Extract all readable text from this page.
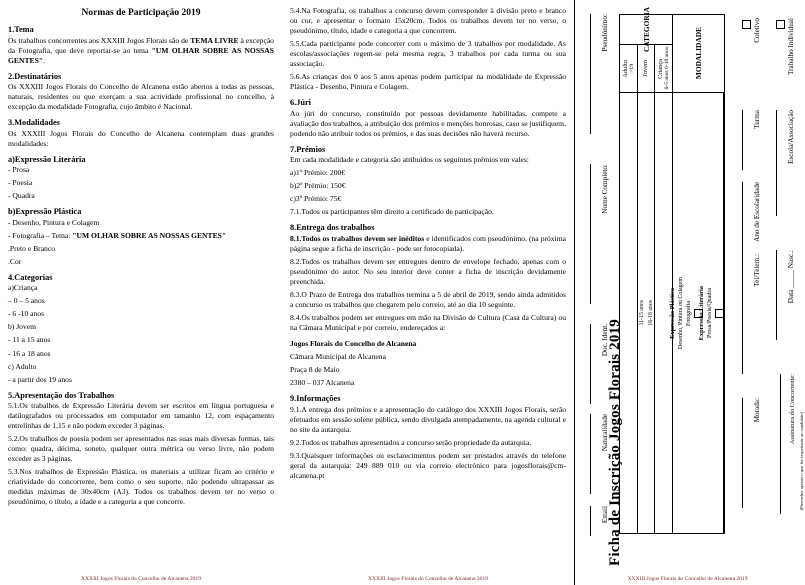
Normas de Participação 2019
1.Tema

Os trabalhos concorrentes aos XXXIII Jogos Florais são de TEMA LIVRE à excepção da Fotografia, que deve reportar-se ao tema "UM OLHAR SOBRE AS NOSSAS GENTES".

2.Destinatários

Os XXXIII Jogos Florais do Concelho de Alcanena estão abertos a todas as pessoas, naturais, residentes ou que exerçam a sua actividade profissional no concelho, à excepção da modalidade Fotografia, cujo âmbito é Nacional.

3.Modalidades

Os XXXIII Jogos Florais do Concelho de Alcanena contemplam duas grandes modalidades:

a)Expressão Literária

- Prosa

- Poesia

- Quadra

b)Expressão Plástica

- Desenho, Pintura e Colagem

- Fotografia – Tema: "UM OLHAR SOBRE AS NOSSAS GENTES"

.Preto e Branco

.Cor

4.Categorias

a)Criança

– 0 – 5 anos

- 6 -10 anos

b) Jovem

- 11 a 15 anos

- 16 a 18 anos

c) Adulto

- a partir dos 19 anos

5.Apresentação dos Trabalhos

5.1.Os trabalhos de Expressão Literária devem ser escritos em língua portuguesa e datilografados ou processados em computador em tamanho 12, com espaçamento entrelinhas de 1,15 e não podem exceder 3 páginas.

5.2.Os trabalhos de poesia podem ser apresentados nas suas mais diversas formas, tais como: quadra, décima, soneto, qualquer outra métrica ou verso livre, não podem exceder as 3 páginas.

5.3.Nos trabalhos de Expressão Plástica, os materiais a utilizar ficam ao critério e criatividade do concorrente, bem como o seu suporte, não podendo ultrapassar as medidas máximas de 30x40cm (A3). Todos os trabalhos devem ter no verso o pseudónimo, o título, a idade e a categoria a que concorre.

XXXIII Jogos Florais do Concelho de Alcanena 2019

5.4.Na Fotografia, os trabalhos a concurso devem corresponder à divisão preto e branco ou cor, e apresentar o formato 15x20cm. Todos os trabalhos devem ter no verso, o pseudónimo, título, idade e categoria a que concorrem.

5.5.Cada participante pode concorrer com o máximo de 3 trabalhos por modalidade. As escolas/associações regem-se pela mesma regra, 3 trabalhos por cada turma ou sua associação.

5.6.As crianças dos 0 aos 5 anos apenas podem participar na modalidade de Expressão Plástica - Desenho, Pintura e Colagem.

6.Júri

Ao júri do concurso, constituído por pessoas devidamente habilitadas, compete a avaliação dos trabalhos, a atribuição dos prémios e menções honrosas, caso se justifiquem, podendo não atribuir todos os prémios, e das suas decisões não haverá recurso.

7.Prémios

Em cada modalidade e categoria são atribuídos os seguintes prémios em vales:

a)1º Prémio: 200€

b)2º Prémio: 150€

c)3º Prémio: 75€

7.1.Todos os participantes têm direito a certificado de participação.

8.Entrega dos trabalhos

8.1.Todos os trabalhos devem ser inéditos e identificados com pseudónimo. (na próxima página segue a ficha de inscrição - pode ser fotocopiada).

8.2.Todos os trabalhos devem ser entregues dentro de envelope fechado, apenas com o pseudónimo do autor. No seu interior deve conter a ficha de inscrição devidamente preenchida.

8.3.O Prazo de Entrega dos trabalhos termina a 5 de abril de 2019, sendo ainda admitidos a concurso os trabalhos que chegarem pelo correio, até ao dia 10 seguinte.

8.4.Os trabalhos podem ser entregues em mão na Divisão de Cultura (Casa da Cultura) ou na Câmara Municipal e por correio, endereçados a:

Jogos Florais do Concelho de Alcanena

Câmara Municipal de Alcanena

Praça 8 de Maio

2380 – 037 Alcanena

9.Informações

9.1.A entrega dos prémios e a apresentação do catálogo dos XXXIII Jogos Florais, serão efetuados em sessão solene pública, sendo divulgada atempadamente, na agenda cultural e no site da autarquia.

9.2.Todos os trabalhos apresentados a concurso serão propriedade da autarquia.

9.3.Quaisquer informações ou esclarecimentos podem ser prestados através do telefone geral da autarquia: 249 889 010 ou via correio electrónico para jogosflorais@cm-alcanena.pt

XXXIII Jogos Florais do Concelho de Alcanena 2019
Ficha de Inscrição Jogos Florais 2019
Pseudónimo:
Nome Completo:
Doc. Ident.
Naturalidade
Email
MODALIDADE
Expressão Plástica Desenho, Pintura ou Colagem Fotografia Expressão Literária Prosa/Poesia/Quadra
CATEGORIA
Adulto >19 Jovem Criança 0-5 anos 6-10 anos
11-15 anos 16-18 anos
Trabalho Individual
Coletivo
Escola/Associação
Turma
Ano de Escolaridade
Data _____ Nasc.:
Tel/Telem.:
Morada:	Assinatura do Concorrente:
(Preencher apenas o que for respeitante ao candidato)
XXXIII Jogos Florais do Concelho de Alcanena 2019
